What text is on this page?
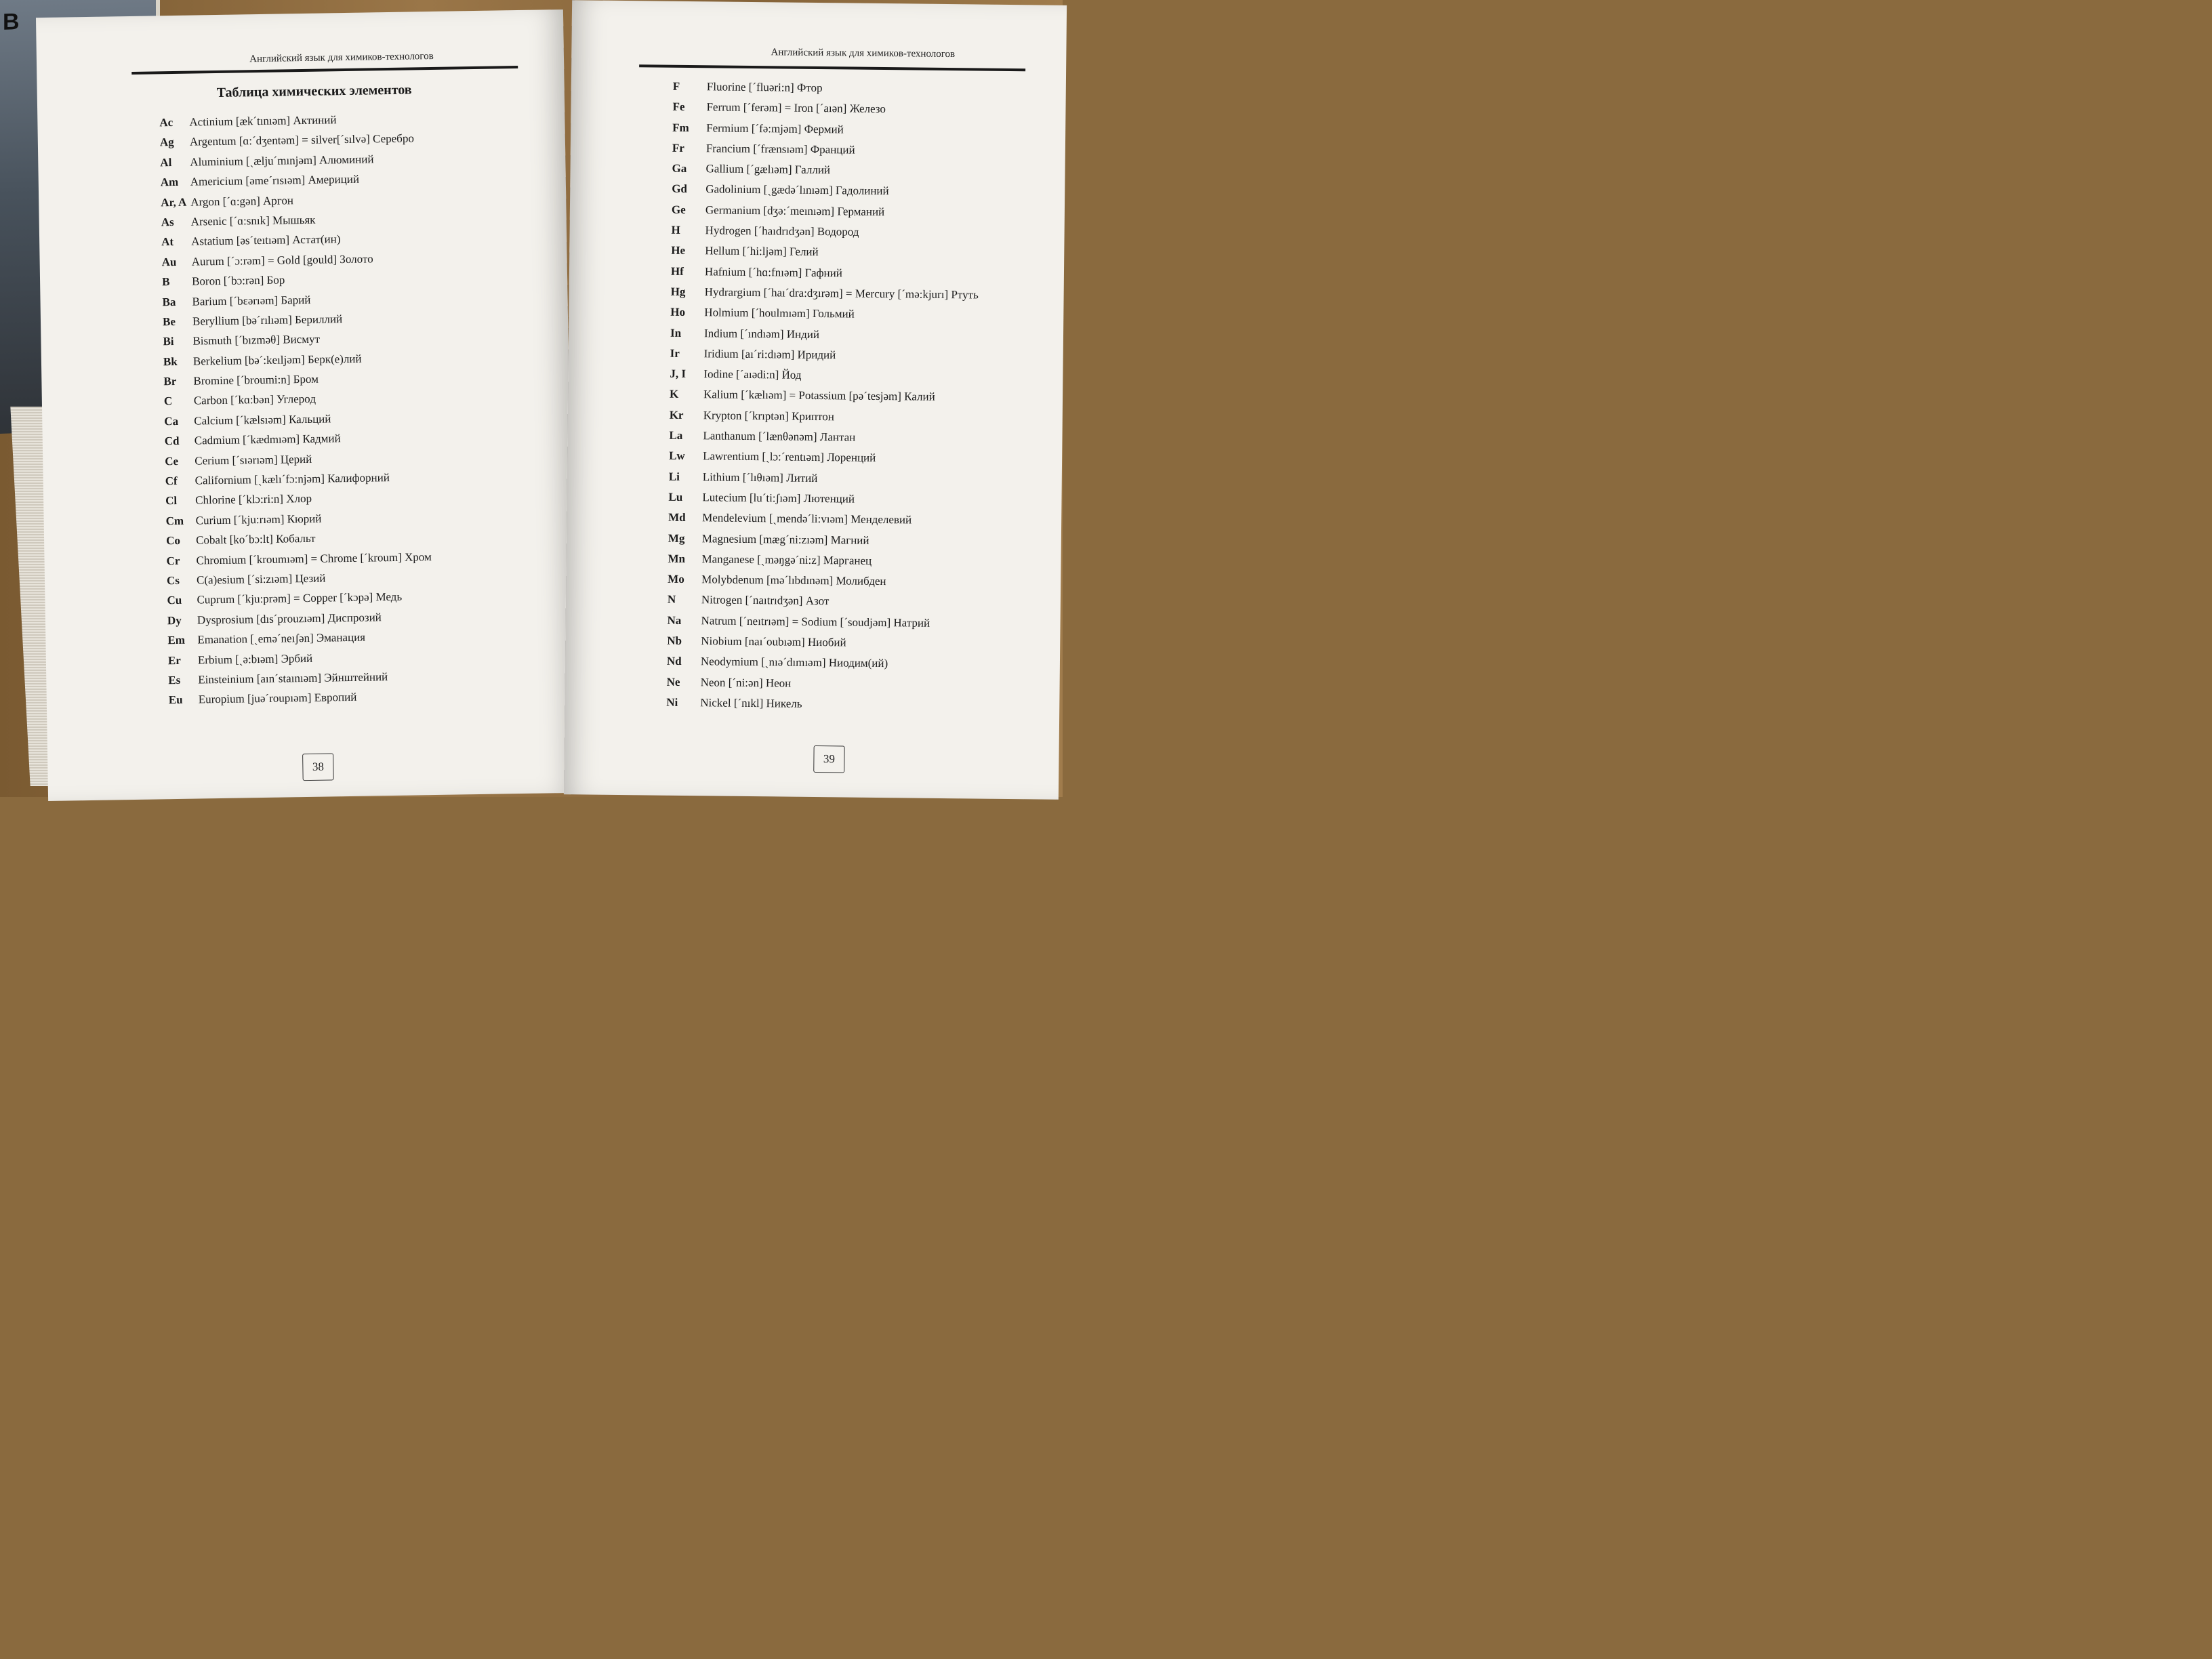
В
Английский язык для химиков-технологов
Таблица химических элементов
Ac Actinium [æk´tınıəm] Актиний
Ag Argentum [ɑ:´dʒentəm] = silver[´sılvə] Серебро
Al Aluminium [ˏælju´mınjəm] Алюминий
Am Americium [əme´rısıəm] Америций
Ar, A Argon [´ɑ:gən] Аргон
As Arsenic [´ɑ:snık] Мышьяк
At Astatium [əs´teıtıəm] Астат(ин)
Au Aurum [´ɔ:rəm] = Gold [gould] Золото
B Boron [´bɔ:rən] Бор
Ba Barium [´bɛərıəm] Барий
Be Beryllium [bə´rılıəm] Бериллий
Bi Bismuth [´bızməθ] Висмут
Bk Berkelium [bə´:keıljəm] Берк(е)лий
Br Bromine [´broumi:n] Бром
C Carbon [´kɑ:bən] Углерод
Ca Calcium [´kælsıəm] Кальций
Cd Cadmium [´kædmıəm] Кадмий
Ce Cerium [´sıərıəm] Церий
Cf Californium [ˏkælı´fɔ:njəm] Калифорний
Cl Chlorine [´klɔ:ri:n] Хлор
Cm Curium [´kju:rıəm] Кюрий
Co Cobalt [ko´bɔ:lt] Кобальт
Cr Chromium [´kroumıəm] = Chrome [´kroum] Хром
Cs C(a)esium [´si:zıəm] Цезий
Cu Cuprum [´kju:prəm] = Copper [´kɔpə] Медь
Dy Dysprosium [dıs´prouzıəm] Диспрозий
Em Emanation [ˏemə´neıʃən] Эманация
Er Erbium [ˏə:bıəm] Эрбий
Es Einsteinium [aın´staınıəm] Эйнштейний
Eu Europium [juə´roupıəm] Европий
38
Английский язык для химиков-технологов
F Fluorine [´fluəri:n] Фтор
Fe Ferrum [´ferəm] = Iron [´aıən] Железо
Fm Fermium [´fə:mjəm] Фермий
Fr Francium [´frænsıəm] Франций
Ga Gallium [´gælıəm] Галлий
Gd Gadolinium [ˏgædə´lınıəm] Гадолиний
Ge Germanium [dʒə:´meınıəm] Германий
H Hydrogen [´haıdrıdʒən] Водород
He Hellum [´hi:ljəm] Гелий
Hf Hafnium [´hɑ:fnıəm] Гафний
Hg Hydrargium [´haı´dra:dʒırəm] = Mercury [´mə:kjurı] Ртуть
Ho Holmium [´houlmıəm] Гольмий
In Indium [´ındıəm] Индий
Ir Iridium [aı´ri:dıəm] Иридий
J, I Iodine [´aıədi:n] Йод
K Kalium [´kælıəm] = Potassium [pə´tesjəm] Калий
Kr Krypton [´krıptən] Криптон
La Lanthanum [´lænθənəm] Лантан
Lw Lawrentium [ˏlɔ:´rentıəm] Лоренций
Li Lithium [´lıθıəm] Литий
Lu Lutecium [lu´ti:ʃıəm] Лютенций
Md Mendelevium [ˏmendə´li:vıəm] Менделевий
Mg Magnesium [mæg´ni:zıəm] Магний
Mn Manganese [ˏməŋgə´ni:z] Марганец
Mo Molybdenum [mə´lıbdınəm] Молибден
N Nitrogen [´naıtrıdʒən] Азот
Na Natrum [´neıtrıəm] = Sodium [´soudjəm] Натрий
Nb Niobium [naı´oubıəm] Ниобий
Nd Neodymium [ˏnıə´dımıəm] Ниодим(ий)
Ne Neon [´ni:ən] Неон
Ni Nickel [´nıkl] Никель
39
